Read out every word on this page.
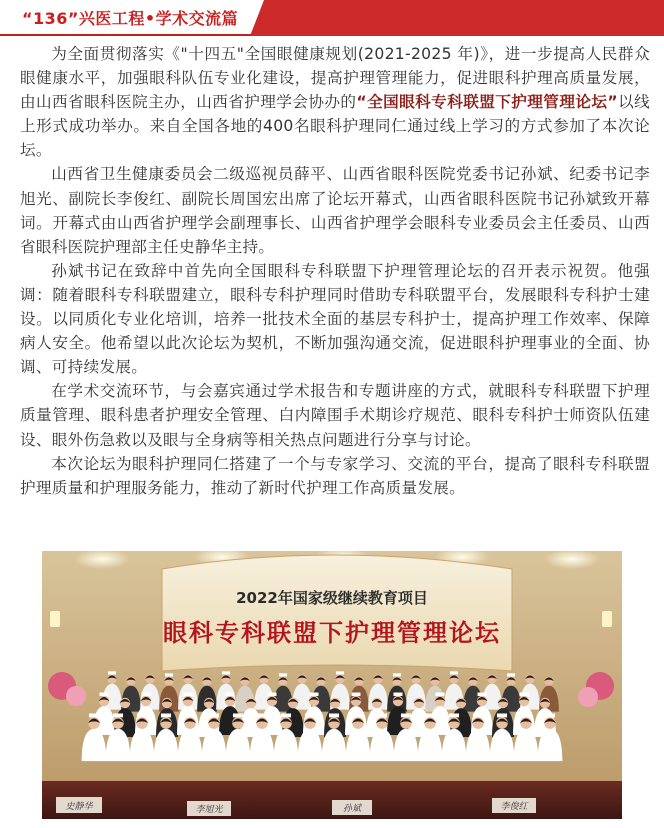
“136”兴医工程•学术交流篇

为全面贯彻落实《"十四五"全国眼健康规划(2021-2025 年)》，进一步提高人民群众眼健康水平，加强眼科队伍专业化建设，提高护理管理能力，促进眼科护理高质量发展，由山西省眼科医院主办，山西省护理学会协办的“全国眼科专科联盟下护理管理论坛”以线上形式成功举办。来自全国各地的400名眼科护理同仁通过线上学习的方式参加了本次论坛。

山西省卫生健康委员会二级巡视员薛平、山西省眼科医院党委书记孙斌、纪委书记李旭光、副院长李俊红、副院长周国宏出席了论坛开幕式，山西省眼科医院书记孙斌致开幕词。开幕式由山西省护理学会副理事长、山西省护理学会眼科专业委员会主任委员、山西省眼科医院护理部主任史静华主持。

孙斌书记在致辞中首先向全国眼科专科联盟下护理管理论坛的召开表示祝贺。他强调：随着眼科专科联盟建立，眼科专科护理同时借助专科联盟平台，发展眼科专科护士建设。以同质化专业化培训，培养一批技术全面的基层专科护士，提高护理工作效率、保障病人安全。他希望以此次论坛为契机，不断加强沟通交流，促进眼科护理事业的全面、协调、可持续发展。

在学术交流环节，与会嘉宾通过学术报告和专题讲座的方式，就眼科专科联盟下护理质量管理、眼科患者护理安全管理、白内障围手术期诊疗规范、眼科专科护士师资队伍建设、眼外伤急救以及眼与全身病等相关热点问题进行分享与讨论。

本次论坛为眼科护理同仁搭建了一个与专家学习、交流的平台，提高了眼科专科联盟护理质量和护理服务能力，推动了新时代护理工作高质量发展。

2022年国家级继续教育项目
眼科专科联盟下护理管理论坛
史静华	李旭光	孙斌	李俊红
